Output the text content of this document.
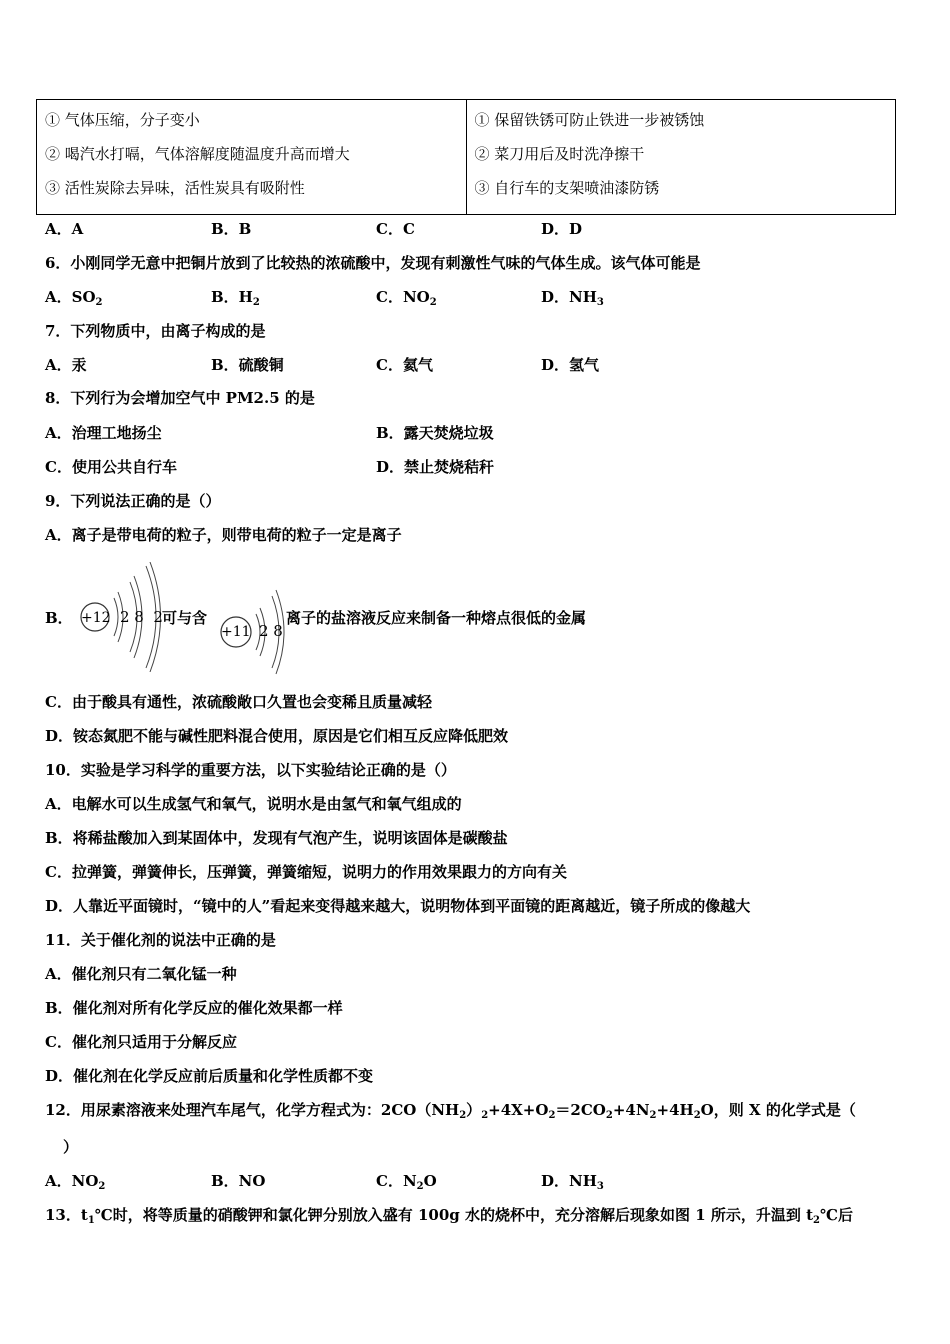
① 气体压缩，分子变小
② 喝汽水打嗝，气体溶解度随温度升高而增大
③ 活性炭除去异味，活性炭具有吸附性

① 保留铁锈可防止铁进一步被锈蚀
② 菜刀用后及时洗净擦干
③ 自行车的支架喷油漆防锈
A．A	B．B	C．C	D．D
6．小刚同学无意中把铜片放到了比较热的浓硫酸中，发现有刺激性气味的气体生成。该气体可能是
A．$SO_2$	B．$H_2$	C．$NO_2$	D．$NH_3$
7．下列物质中，由离子构成的是
A．汞	B．硫酸铜	C．氦气	D．氢气
8．下列行为会增加空气中 PM2.5 的是
A．治理工地扬尘	B．露天焚烧垃圾
C．使用公共自行车	D．禁止焚烧秸秆
9．下列说法正确的是（）
A．离子是带电荷的粒子，则带电荷的粒子一定是离子
B． +12 2 8  2 可与含
+11 2 8
离子的盐溶液反应来制备一种熔点很低的金属
C．由于酸具有通性，浓硫酸敞口久置也会变稀且质量减轻
D．铵态氮肥不能与碱性肥料混合使用，原因是它们相互反应降低肥效
10．实验是学习科学的重要方法，以下实验结论正确的是（）
A．电解水可以生成氢气和氧气，说明水是由氢气和氧气组成的
B．将稀盐酸加入到某固体中，发现有气泡产生，说明该固体是碳酸盐
C．拉弹簧，弹簧伸长，压弹簧，弹簧缩短，说明力的作用效果跟力的方向有关
D．人靠近平面镜时，“镜中的人”看起来变得越来越大，说明物体到平面镜的距离越近，镜子所成的像越大
11．关于催化剂的说法中正确的是
A．催化剂只有二氧化锰一种
B．催化剂对所有化学反应的催化效果都一样
C．催化剂只适用于分解反应
D．催化剂在化学反应前后质量和化学性质都不变
12．用尿素溶液来处理汽车尾气，化学方程式为：$2CO(NH_2)_2+4X+O_2=2CO_2+4N_2+4H_2O$，则 X 的化学式是（
）
A．$NO_2$	B．NO	C．$N_2O$	D．$NH_3$
13．$t_1℃$时，将等质量的硝酸钾和氯化钾分别放入盛有 100g 水的烧杯中，充分溶解后现象如图 1 所示，升温到 $t_2℃$后
